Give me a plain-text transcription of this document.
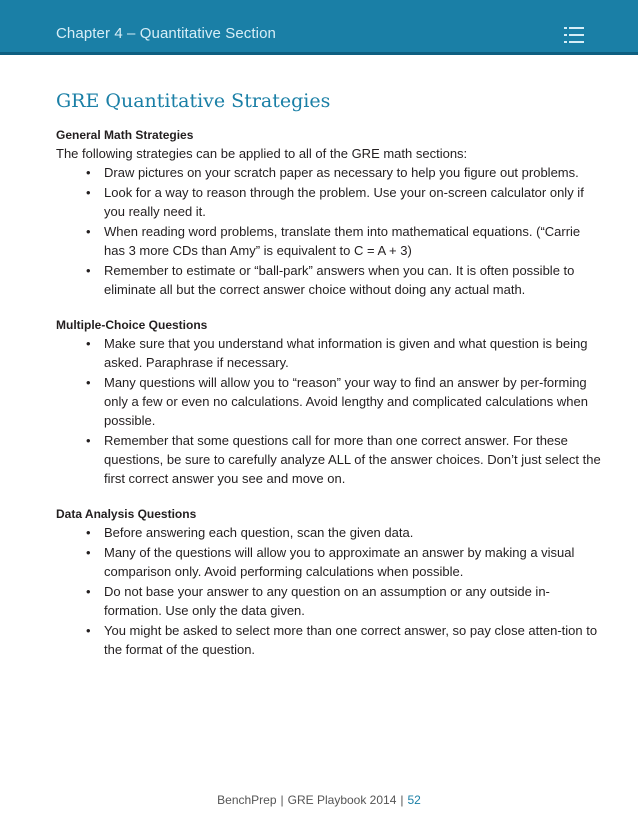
Chapter 4 – Quantitative Section
GRE Quantitative Strategies

General Math Strategies

The following strategies can be applied to all of the GRE math sections:

• Draw pictures on your scratch paper as necessary to help you figure out problems.
• Look for a way to reason through the problem. Use your on-screen calculator only if you really need it.
• When reading word problems, translate them into mathematical equations. (“Carrie has 3 more CDs than Amy” is equivalent to C = A + 3)
• Remember to estimate or “ball-park” answers when you can. It is often possible to eliminate all but the correct answer choice without doing any actual math.

Multiple-Choice Questions

• Make sure that you understand what information is given and what question is being asked. Paraphrase if necessary.
• Many questions will allow you to “reason” your way to find an answer by per-forming only a few or even no calculations. Avoid lengthy and complicated calculations when possible.
• Remember that some questions call for more than one correct answer. For these questions, be sure to carefully analyze ALL of the answer choices. Don’t just select the first correct answer you see and move on.

Data Analysis Questions

• Before answering each question, scan the given data.
• Many of the questions will allow you to approximate an answer by making a visual comparison only. Avoid performing calculations when possible.
• Do not base your answer to any question on an assumption or any outside in-formation. Use only the data given.
• You might be asked to select more than one correct answer, so pay close atten-tion to the format of the question.
BenchPrep | GRE Playbook 2014 | 52
